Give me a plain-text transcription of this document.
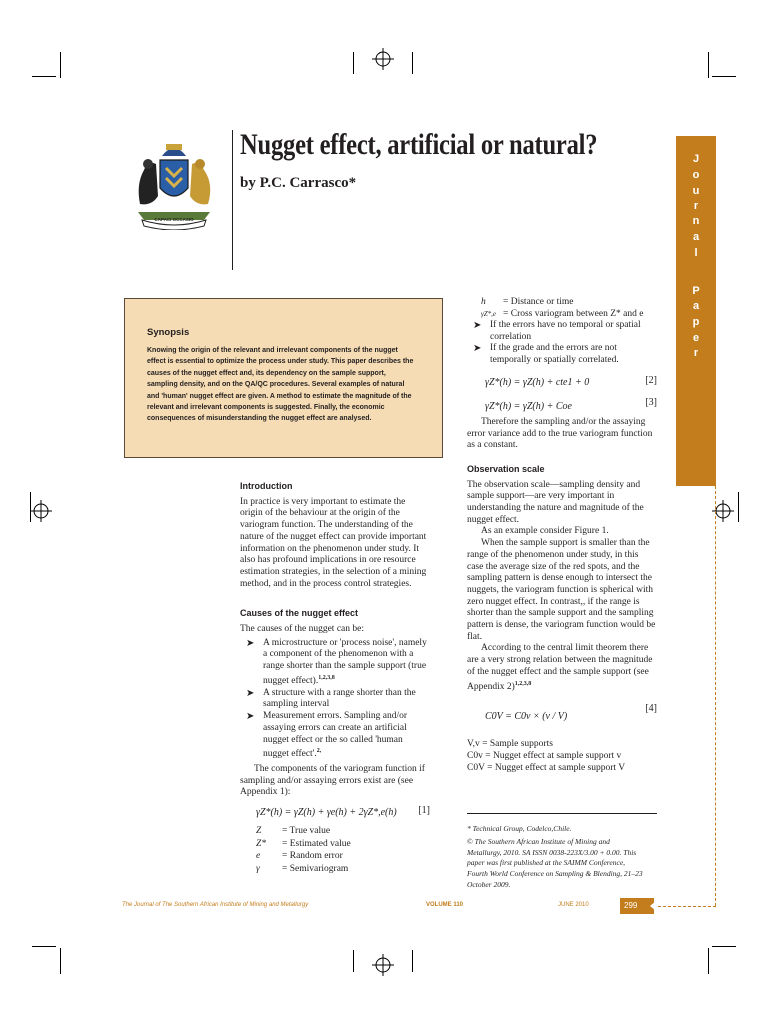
CAPACI OCCASIO
Nugget effect, artificial or natural?
by P.C. Carrasco*
J
o
u
r
n
a
l
P
a
p
e
r
Synopsis
Knowing the origin of the relevant and irrelevant components of the nugget effect is essential to optimize the process under study. This paper describes the causes of the nugget effect and, its dependency on the sample support, sampling density, and on the QA/QC procedures. Several examples of natural and 'human' nugget effect are given. A method to estimate the magnitude of the relevant and irrelevant components is suggested. Finally, the economic consequences of misunderstanding the nugget effect are analysed.
Introduction
In practice is very important to estimate the origin of the behaviour at the origin of the variogram function. The understanding of the nature of the nugget effect can provide important information on the phenomenon under study. It also has profound implications in ore resource estimation strategies, in the selection of a mining method, and in the process control strategies.
Causes of the nugget effect
The causes of the nugget can be:
➤ A microstructure or 'process noise', namely a component of the phenomenon with a range shorter than the sample support (true nugget effect).$^{1,2,3,8}$
➤ A structure with a range shorter than the sampling interval
➤ Measurement errors. Sampling and/or assaying errors can create an artificial nugget effect or the so called 'human nugget effect'.$^{2,}$
The components of the variogram function if sampling and/or assaying errors exist are (see Appendix 1):
γZ*(h) = γZ(h) + γe(h) + 2γZ*,e(h) [1]
Z = True value
Z* = Estimated value
e = Random error
γ = Semivariogram
h = Distance or time
γZ*,e = Cross variogram between Z* and e
➤ If the errors have no temporal or spatial correlation
➤ If the grade and the errors are not temporally or spatially correlated.
γZ*(h) = γZ(h) + cte1 + 0	[2]
γZ*(h) = γZ(h) + Coe	[3]
Therefore the sampling and/or the assaying error variance add to the true variogram function as a constant.
Observation scale
The observation scale—sampling density and sample support—are very important in understanding the nature and magnitude of the nugget effect.
As an example consider Figure 1.
When the sample support is smaller than the range of the phenomenon under study, in this case the average size of the red spots, and the sampling pattern is dense enough to intersect the nuggets, the variogram function is spherical with zero nugget effect. In contrast,, if the range is shorter than the sample support and the sampling pattern is dense, the variogram function would be flat.
According to the central limit theorem there are a very strong relation between the magnitude of the nugget effect and the sample support (see Appendix 2)$^{1,2,3,8}$
C0V = C0v × (v / V)
[4]
V,v = Sample supports
C0v = Nugget effect at sample support v
C0V = Nugget effect at sample support V
* Technical Group, Codelco,Chile.
© The Southern African Institute of Mining and Metallurgy, 2010. SA ISSN 0038-223X/3.00 + 0.00. This paper was first published at the SAIMM Conference, Fourth World Conference on Sampling & Blending, 21–23 October 2009.
The Journal of The Southern African Institute of Mining and Metallurgy	VOLUME 110	JUNE 2010	299
